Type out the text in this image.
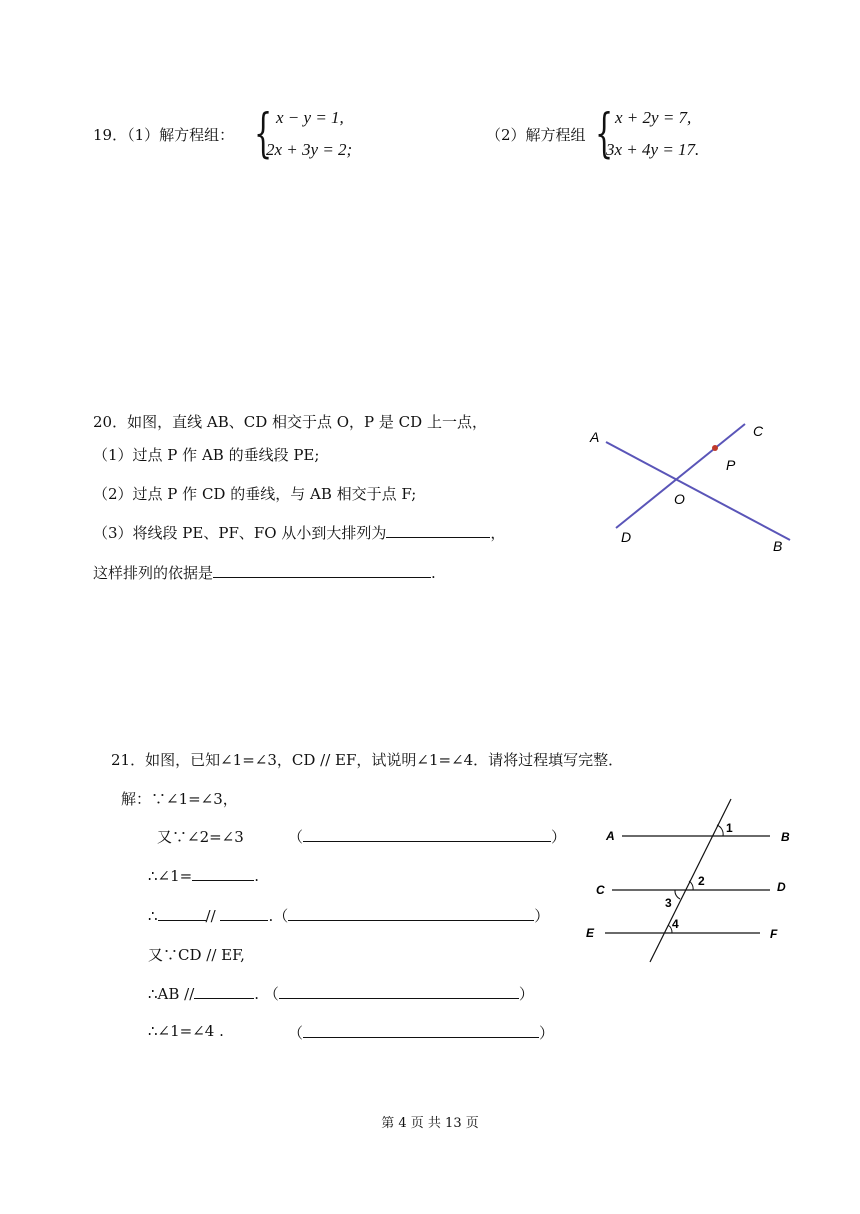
19．（1）解方程组： { x − y = 1,
2x + 3y = 2;
（2）解方程组 { x + 2y = 7,
3x + 4y = 17.
20．如图，直线 AB、CD 相交于点 O，P 是 CD 上一点，
（1）过点 P 作 AB 的垂线段 PE;
（2）过点 P 作 CD 的垂线，与 AB 相交于点 F;
（3）将线段 PE、PF、FO 从小到大排列为	，
这样排列的依据是	.
A
B
C
D
O
P
21．如图，已知∠1=∠3，CD // EF，试说明∠1=∠4．请将过程填写完整．
解：∵∠1=∠3，
又∵∠2=∠3	（	）
∴∠1=	.
∴	//	.（	）
又∵CD // EF,
∴AB //	. （	）
∴∠1=∠4 .	（	）
A	B
C	D
E	F
1
2
3
4
第 4 页 共 13 页
